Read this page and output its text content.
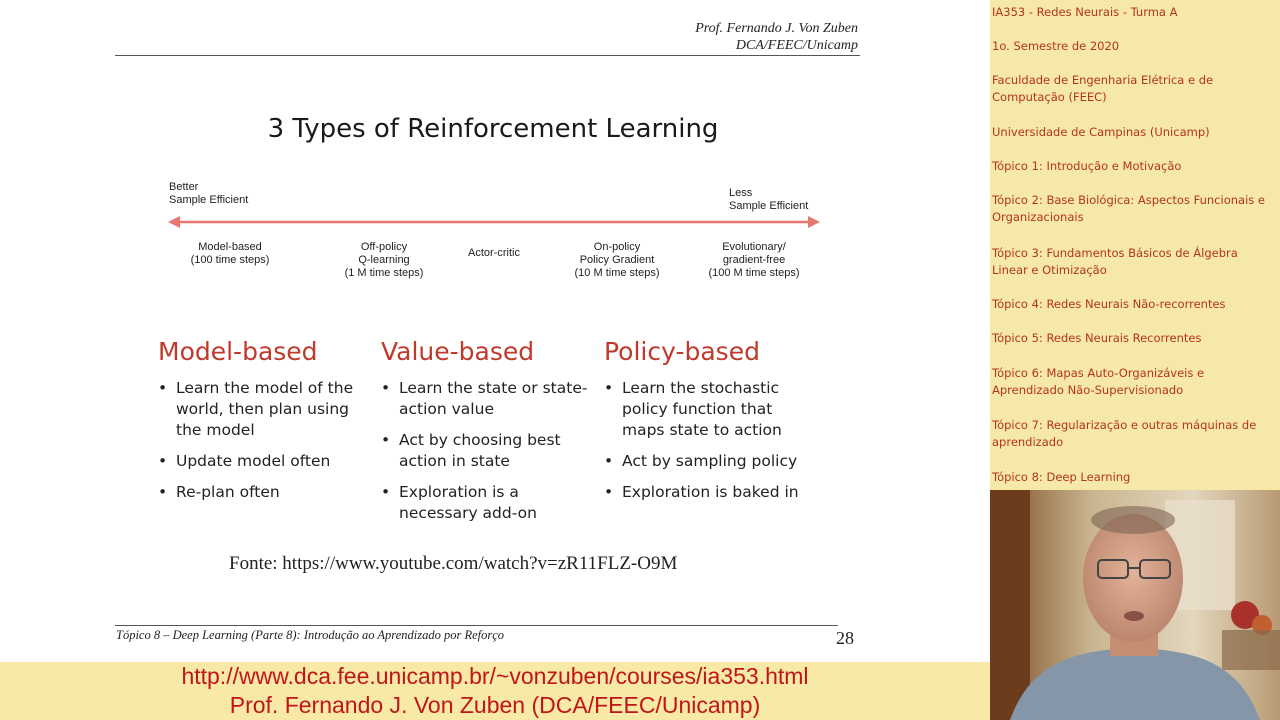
Prof. Fernando J. Von Zuben
DCA/FEEC/Unicamp
3 Types of Reinforcement Learning
Better
Sample Efficient
Less
Sample Efficient
Model-based
(100 time steps)
Off-policy
Q-learning
(1 M time steps)
Actor-critic	On-policy
Policy Gradient
(10 M time steps)
Evolutionary/
gradient-free
(100 M time steps)
Model-based
• Learn the model of the world, then plan using the model
• Update model often
• Re-plan often
Value-based
• Learn the state or state-action value
• Act by choosing best action in state
• Exploration is a necessary add-on
Policy-based
• Learn the stochastic policy function that maps state to action
• Act by sampling policy
• Exploration is baked in
Fonte: https://www.youtube.com/watch?v=zR11FLZ-O9M
Tópico 8 – Deep Learning (Parte 8): Introdução ao Aprendizado por Reforço	28
http://www.dca.fee.unicamp.br/~vonzuben/courses/ia353.html
Prof. Fernando J. Von Zuben (DCA/FEEC/Unicamp)
IA353 - Redes Neurais - Turma A
1o. Semestre de 2020
Faculdade de Engenharia Elétrica e de Computação (FEEC)
Universidade de Campinas (Unicamp)
Tópico 1: Introdução e Motivação
Tópico 2: Base Biológica: Aspectos Funcionais e Organizacionais
Tópico 3: Fundamentos Básicos de Álgebra Linear e Otimização
Tópico 4: Redes Neurais Não-recorrentes
Tópico 5: Redes Neurais Recorrentes
Tópico 6: Mapas Auto-Organizáveis e Aprendizado Não-Supervisionado
Tópico 7: Regularização e outras máquinas de aprendizado
Tópico 8: Deep Learning
